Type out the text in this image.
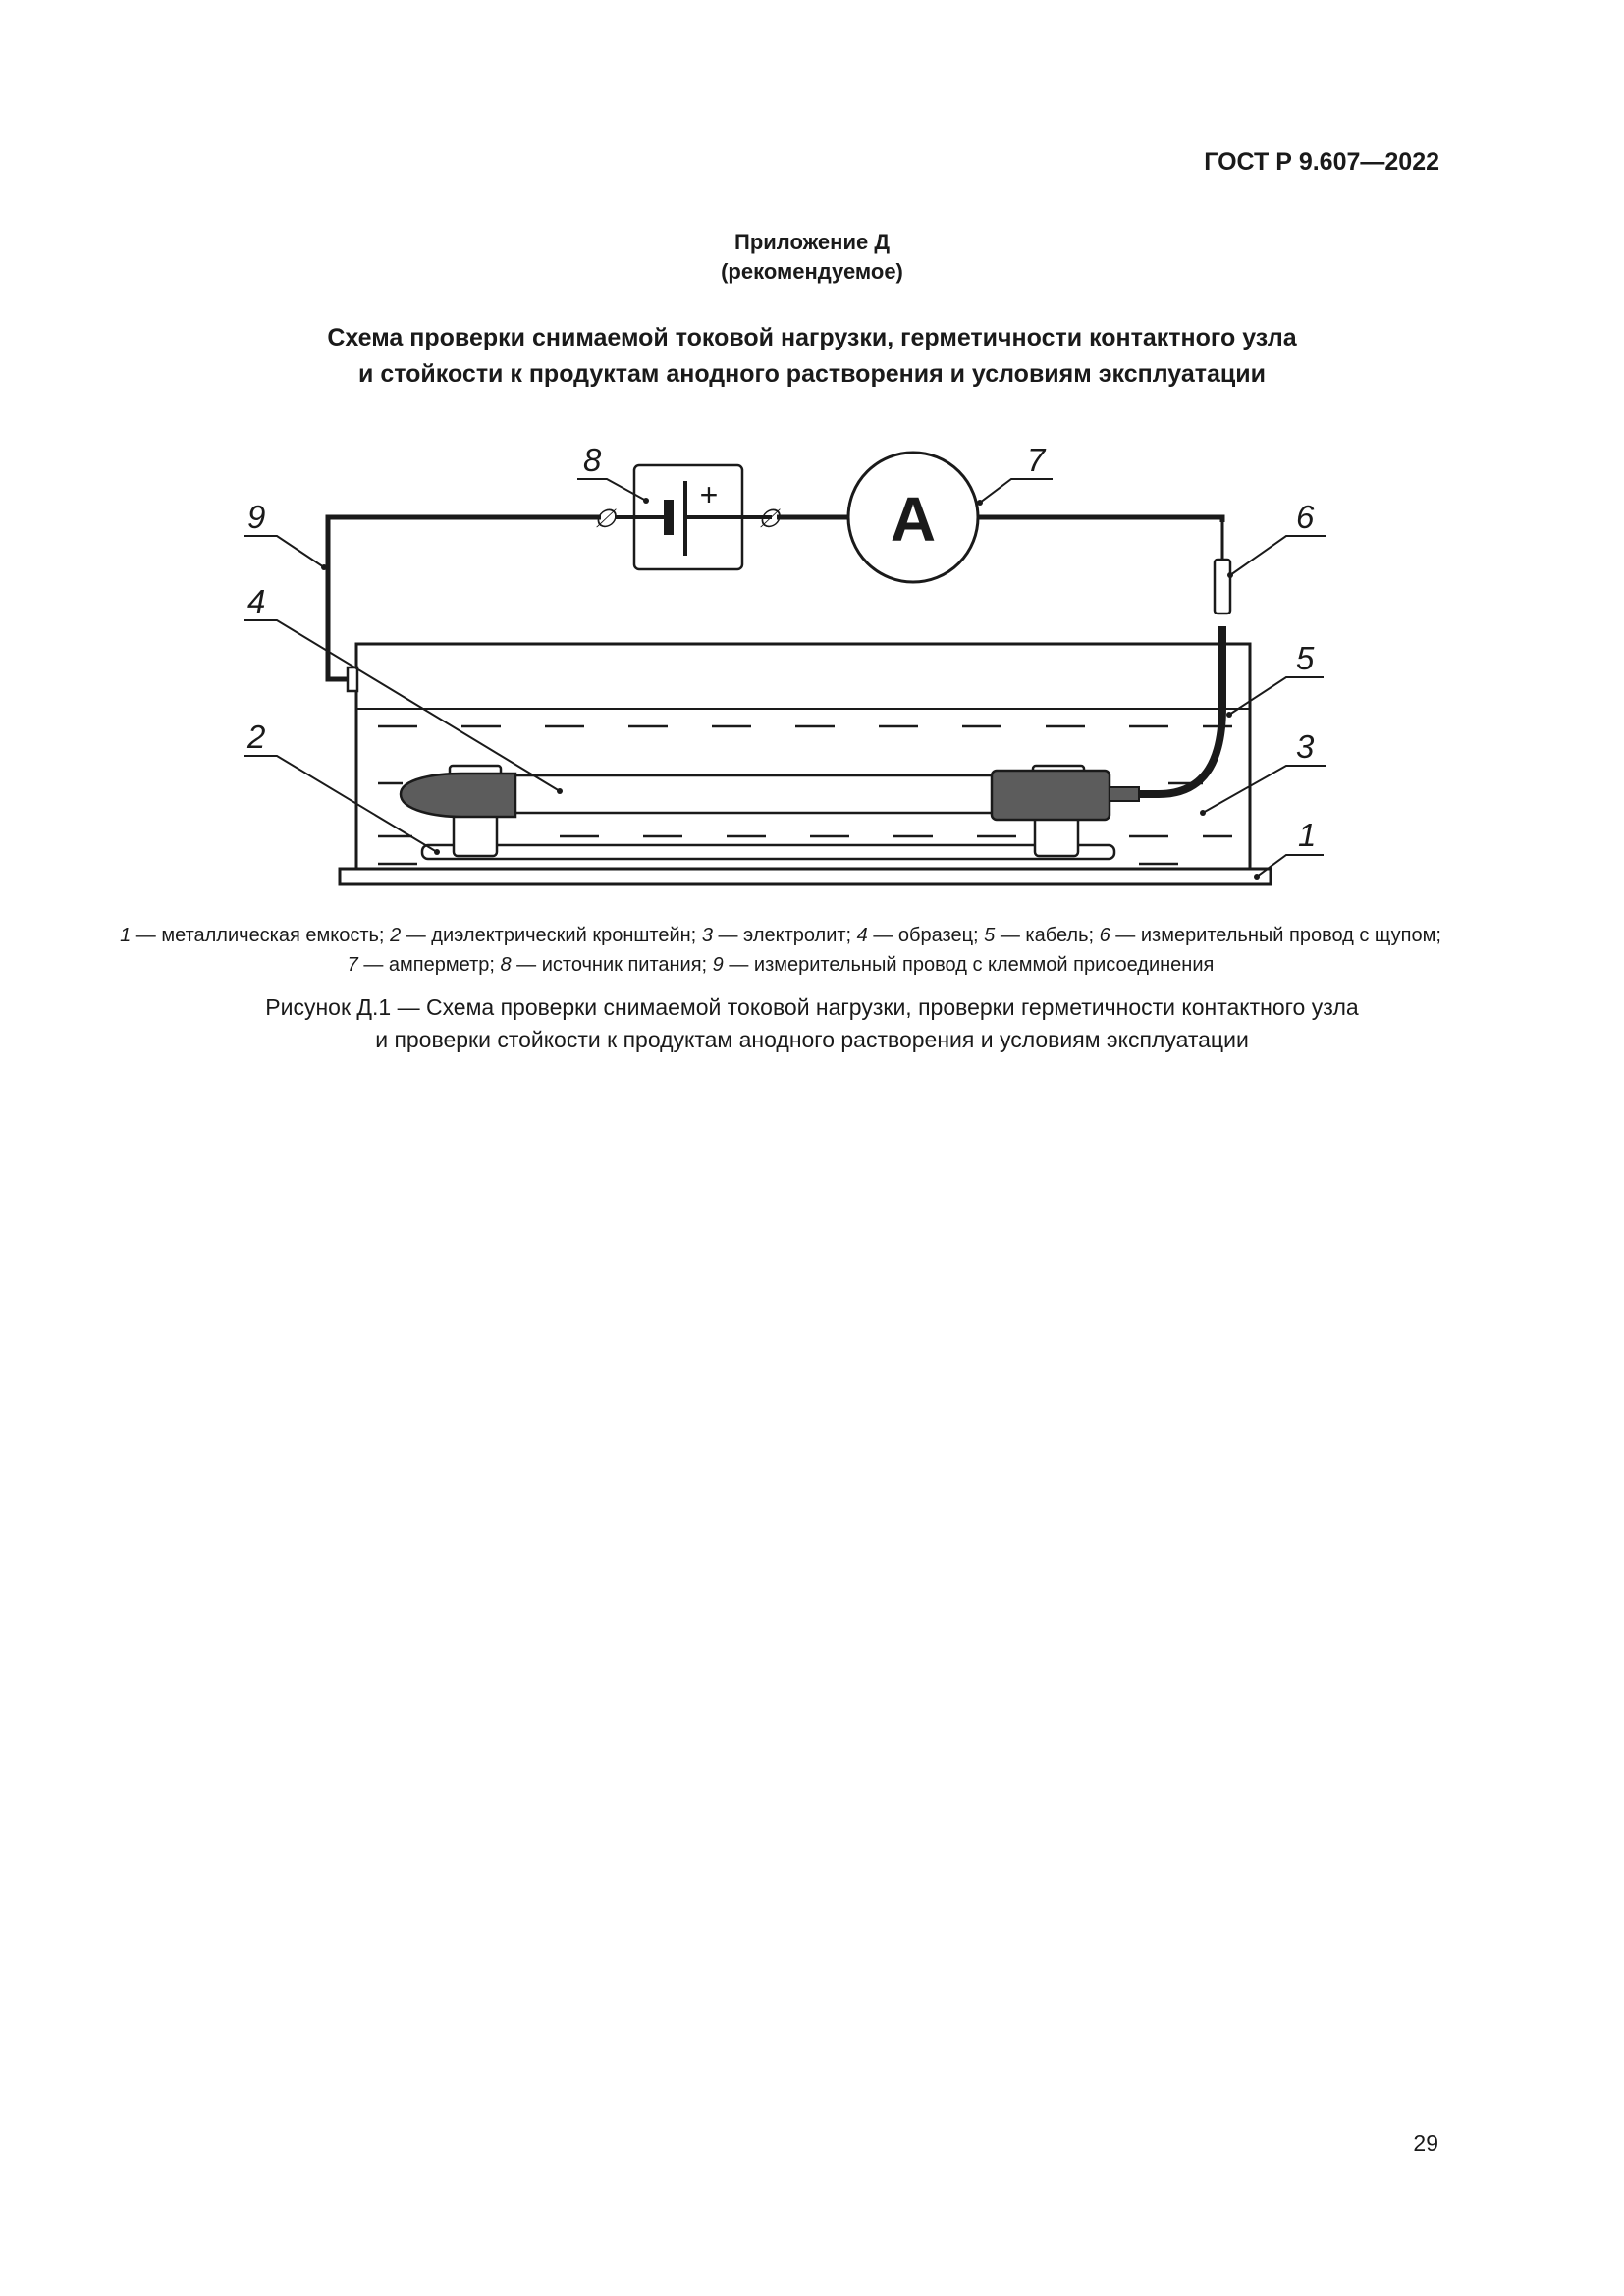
ГОСТ Р 9.607—2022
Приложение Д
(рекомендуемое)
Схема проверки снимаемой токовой нагрузки, герметичности контактного узла
и стойкости к продуктам анодного растворения и условиям эксплуатации
+
∅	∅ A
9
8	7
6
4
5
2	3
1
1 — металлическая емкость; 2 — диэлектрический кронштейн; 3 — электролит; 4 — образец; 5 — кабель; 6 — измерительный провод с щупом;
7 — амперметр; 8 — источник питания; 9 — измерительный провод с клеммой присоединения
Рисунок Д.1 — Схема проверки снимаемой токовой нагрузки, проверки герметичности контактного узла
и проверки стойкости к продуктам анодного растворения и условиям эксплуатации
29
